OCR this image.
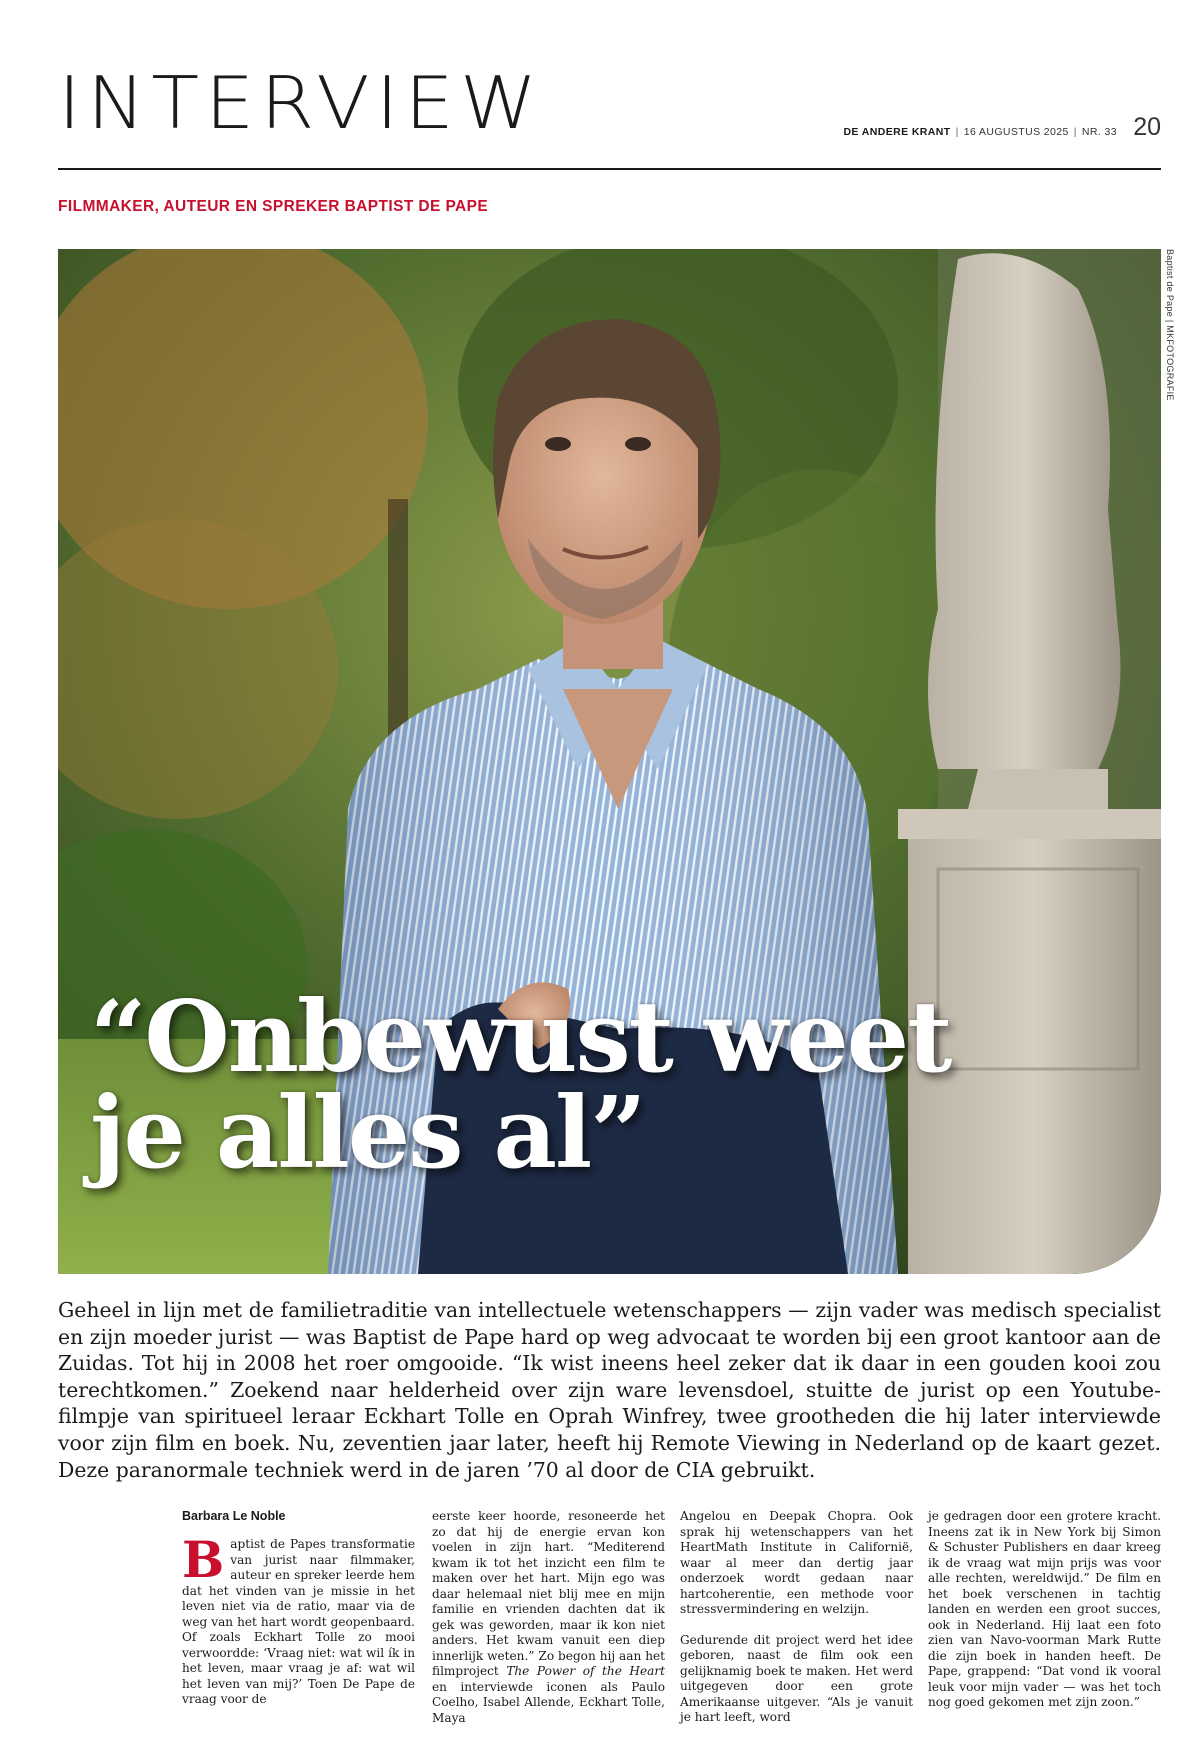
INTERVIEW	DE ANDERE KRANT | 16 AUGUSTUS 2025 | NR. 33 20
FILMMAKER, AUTEUR EN SPREKER BAPTIST DE PAPE
“Onbewust weet
je alles al”
Baptist de Pape | MKFOTOGRAFIE

Geheel in lijn met de familietraditie van intellectuele wetenschappers — zijn vader was medisch specialist en zijn moeder jurist — was Baptist de Pape hard op weg advocaat te worden bij een groot kantoor aan de Zuidas. Tot hij in 2008 het roer omgooide. “Ik wist ineens heel zeker dat ik daar in een gouden kooi zou terechtkomen.” Zoekend naar helderheid over zijn ware levensdoel, stuitte de jurist op een Youtube-filmpje van spiritueel leraar Eckhart Tolle en Oprah Winfrey, twee grootheden die hij later interviewde voor zijn film en boek. Nu, zeventien jaar later, heeft hij Remote Viewing in Nederland op de kaart gezet. Deze paranormale techniek werd in de jaren ’70 al door de CIA gebruikt.

Barbara Le Noble
B aptist de Papes transformatie van jurist naar filmmaker, auteur en spreker leerde hem dat het vinden van je missie in het leven niet via de ratio, maar via de weg van het hart wordt geopenbaard. Of zoals Eckhart Tolle zo mooi verwoordde: ‘Vraag niet: wat wil ík in het leven, maar vraag je af: wat wil het leven van mij?’ Toen De Pape de vraag voor de
eerste keer hoorde, resoneerde het zo dat hij de energie ervan kon voelen in zijn hart. “Mediterend kwam ik tot het inzicht een film te maken over het hart. Mijn ego was daar helemaal niet blij mee en mijn familie en vrienden dachten dat ik gek was geworden, maar ik kon niet anders. Het kwam vanuit een diep innerlijk weten.” Zo begon hij aan het filmproject The Power of the Heart en interviewde iconen als Paulo Coelho, Isabel Allende, Eckhart Tolle, Maya

Angelou en Deepak Chopra. Ook sprak hij wetenschappers van het HeartMath Institute in Californië, waar al meer dan dertig jaar onderzoek wordt gedaan naar hartcoherentie, een methode voor stressvermindering en welzijn.

Gedurende dit project werd het idee geboren, naast de film ook een gelijknamig boek te maken. Het werd uitgegeven door een grote Amerikaanse uitgever. “Als je vanuit je hart leeft, word

je gedragen door een grotere kracht. Ineens zat ik in New York bij Simon & Schuster Publishers en daar kreeg ik de vraag wat mijn prijs was voor alle rechten, wereldwijd.” De film en het boek verschenen in tachtig landen en werden een groot succes, ook in Nederland. Hij laat een foto zien van Navo-voorman Mark Rutte die zijn boek in handen heeft. De Pape, grappend: “Dat vond ik vooral leuk voor mijn vader — was het toch nog goed gekomen met zijn zoon.”
